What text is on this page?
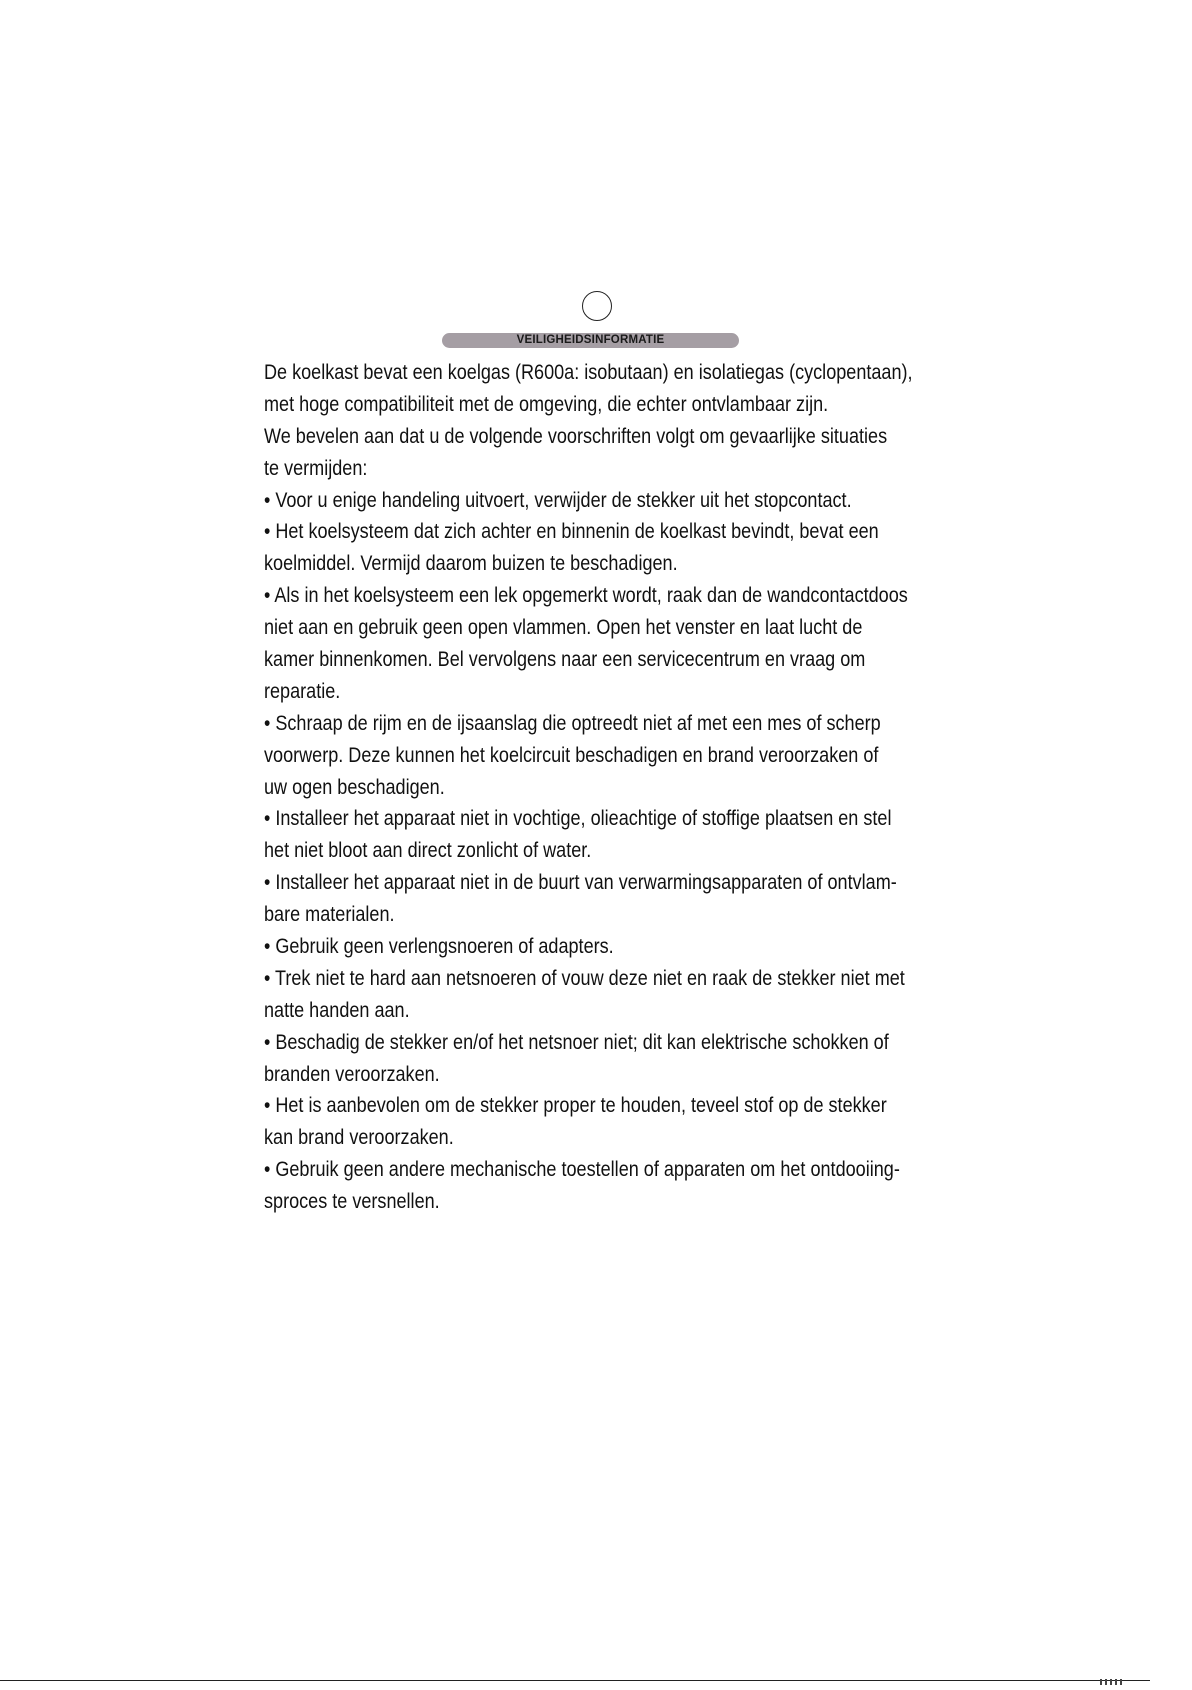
VEILIGHEIDSINFORMATIE
De koelkast bevat een koelgas (R600a: isobutaan) en isolatiegas (cyclopentaan),
met hoge compatibiliteit met de omgeving, die echter ontvlambaar zijn.
We bevelen aan dat u de volgende voorschriften volgt om gevaarlijke situaties
te vermijden:
• Voor u enige handeling uitvoert, verwijder de stekker uit het stopcontact.
• Het koelsysteem dat zich achter en binnenin de koelkast bevindt, bevat een
koelmiddel. Vermijd daarom buizen te beschadigen.
• Als in het koelsysteem een lek opgemerkt wordt, raak dan de wandcontactdoos
niet aan en gebruik geen open vlammen. Open het venster en laat lucht de
kamer binnenkomen. Bel vervolgens naar een servicecentrum en vraag om
reparatie.
• Schraap de rijm en de ijsaanslag die optreedt niet af met een mes of scherp
voorwerp. Deze kunnen het koelcircuit beschadigen en brand veroorzaken of
uw ogen beschadigen.
• Installeer het apparaat niet in vochtige, olieachtige of stoffige plaatsen en stel
het niet bloot aan direct zonlicht of water.
• Installeer het apparaat niet in de buurt van verwarmingsapparaten of ontvlam-
bare materialen.
• Gebruik geen verlengsnoeren of adapters.
• Trek niet te hard aan netsnoeren of vouw deze niet en raak de stekker niet met
natte handen aan.
• Beschadig de stekker en/of het netsnoer niet; dit kan elektrische schokken of
branden veroorzaken.
• Het is aanbevolen om de stekker proper te houden, teveel stof op de stekker
kan brand veroorzaken.
• Gebruik geen andere mechanische toestellen of apparaten om het ontdooiing-
sproces te versnellen.
